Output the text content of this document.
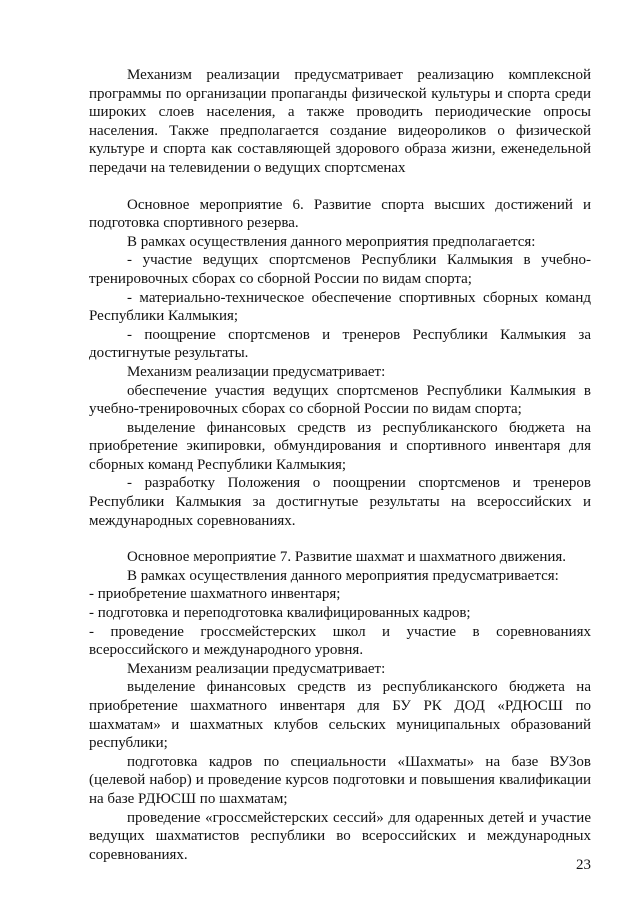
Механизм реализации предусматривает реализацию комплексной программы по организации пропаганды физической культуры и спорта среди широких слоев населения, а также проводить периодические опросы населения. Также предполагается создание видеороликов о физической культуре и спорта как составляющей здорового образа жизни, еженедельной передачи на телевидении о ведущих спортсменах

Основное мероприятие 6. Развитие спорта высших достижений и подготовка спортивного резерва.

В рамках осуществления данного мероприятия предполагается:

- участие ведущих спортсменов Республики Калмыкия в учебно-тренировочных сборах со сборной России по видам спорта;

- материально-техническое обеспечение спортивных сборных команд Республики Калмыкия;

- поощрение спортсменов и тренеров Республики Калмыкия за достигнутые результаты.

Механизм реализации предусматривает:

обеспечение участия ведущих спортсменов Республики Калмыкия в учебно-тренировочных сборах со сборной России по видам спорта;

выделение финансовых средств из республиканского бюджета на приобретение экипировки, обмундирования и спортивного инвентаря для сборных команд Республики Калмыкия;

- разработку Положения о поощрении спортсменов и тренеров Республики Калмыкия за достигнутые результаты на всероссийских и международных соревнованиях.

Основное мероприятие 7. Развитие шахмат и шахматного движения.

В рамках осуществления данного мероприятия предусматривается:

- приобретение шахматного инвентаря;

- подготовка и переподготовка квалифицированных кадров;

- проведение гроссмейстерских школ и участие в соревнованиях всероссийского и международного уровня.

Механизм реализации предусматривает:

выделение финансовых средств из республиканского бюджета на приобретение шахматного инвентаря для БУ РК ДОД «РДЮСШ по шахматам» и шахматных клубов сельских муниципальных образований республики;

подготовка кадров по специальности «Шахматы» на базе ВУЗов (целевой набор) и проведение курсов подготовки и повышения квалификации на базе РДЮСШ по шахматам;

проведение «гроссмейстерских сессий» для одаренных детей и участие ведущих шахматистов республики во всероссийских и международных соревнованиях.

23
